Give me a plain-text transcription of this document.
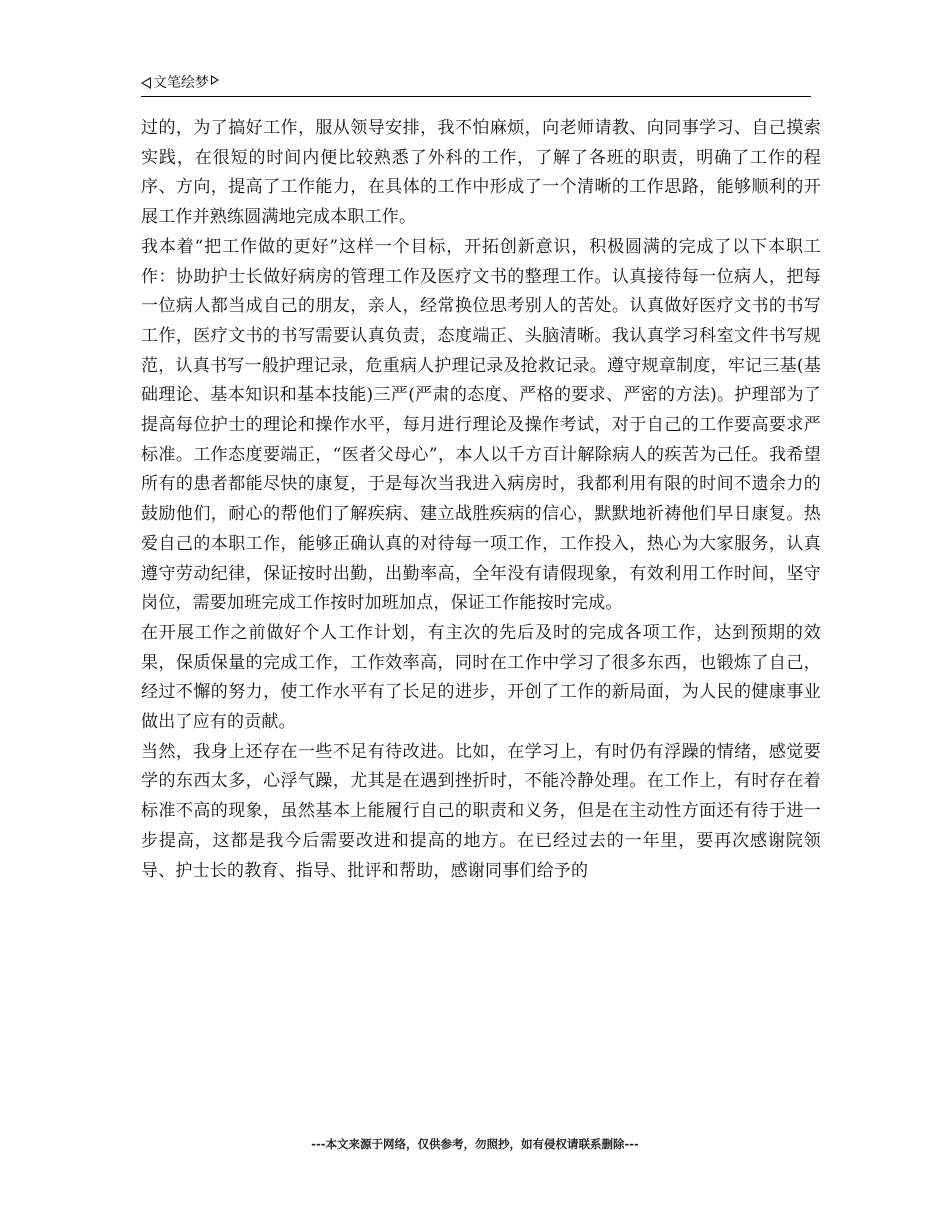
文笔绘梦

过的，为了搞好工作，服从领导安排，我不怕麻烦，向老师请教、向同事学习、自己摸索实践，在很短的时间内便比较熟悉了外科的工作，了解了各班的职责，明确了工作的程序、方向，提高了工作能力，在具体的工作中形成了一个清晰的工作思路，能够顺利的开展工作并熟练圆满地完成本职工作。

我本着“把工作做的更好”这样一个目标，开拓创新意识，积极圆满的完成了以下本职工作：协助护士长做好病房的管理工作及医疗文书的整理工作。认真接待每一位病人，把每一位病人都当成自己的朋友，亲人，经常换位思考别人的苦处。认真做好医疗文书的书写工作，医疗文书的书写需要认真负责，态度端正、头脑清晰。我认真学习科室文件书写规范，认真书写一般护理记录，危重病人护理记录及抢救记录。遵守规章制度，牢记三基(基础理论、基本知识和基本技能)三严(严肃的态度、严格的要求、严密的方法)。护理部为了提高每位护士的理论和操作水平，每月进行理论及操作考试，对于自己的工作要高要求严标准。工作态度要端正，“医者父母心”，本人以千方百计解除病人的疾苦为己任。我希望所有的患者都能尽快的康复，于是每次当我进入病房时，我都利用有限的时间不遗余力的鼓励他们，耐心的帮他们了解疾病、建立战胜疾病的信心，默默地祈祷他们早日康复。热爱自己的本职工作，能够正确认真的对待每一项工作，工作投入，热心为大家服务，认真遵守劳动纪律，保证按时出勤，出勤率高，全年没有请假现象，有效利用工作时间，坚守岗位，需要加班完成工作按时加班加点，保证工作能按时完成。

在开展工作之前做好个人工作计划，有主次的先后及时的完成各项工作，达到预期的效果，保质保量的完成工作，工作效率高，同时在工作中学习了很多东西，也锻炼了自己，经过不懈的努力，使工作水平有了长足的进步，开创了工作的新局面，为人民的健康事业做出了应有的贡献。

当然，我身上还存在一些不足有待改进。比如，在学习上，有时仍有浮躁的情绪，感觉要学的东西太多，心浮气躁，尤其是在遇到挫折时，不能冷静处理。在工作上，有时存在着标准不高的现象，虽然基本上能履行自己的职责和义务，但是在主动性方面还有待于进一步提高，这都是我今后需要改进和提高的地方。在已经过去的一年里，要再次感谢院领导、护士长的教育、指导、批评和帮助，感谢同事们给予的

---本文来源于网络，仅供参考，勿照抄，如有侵权请联系删除---
